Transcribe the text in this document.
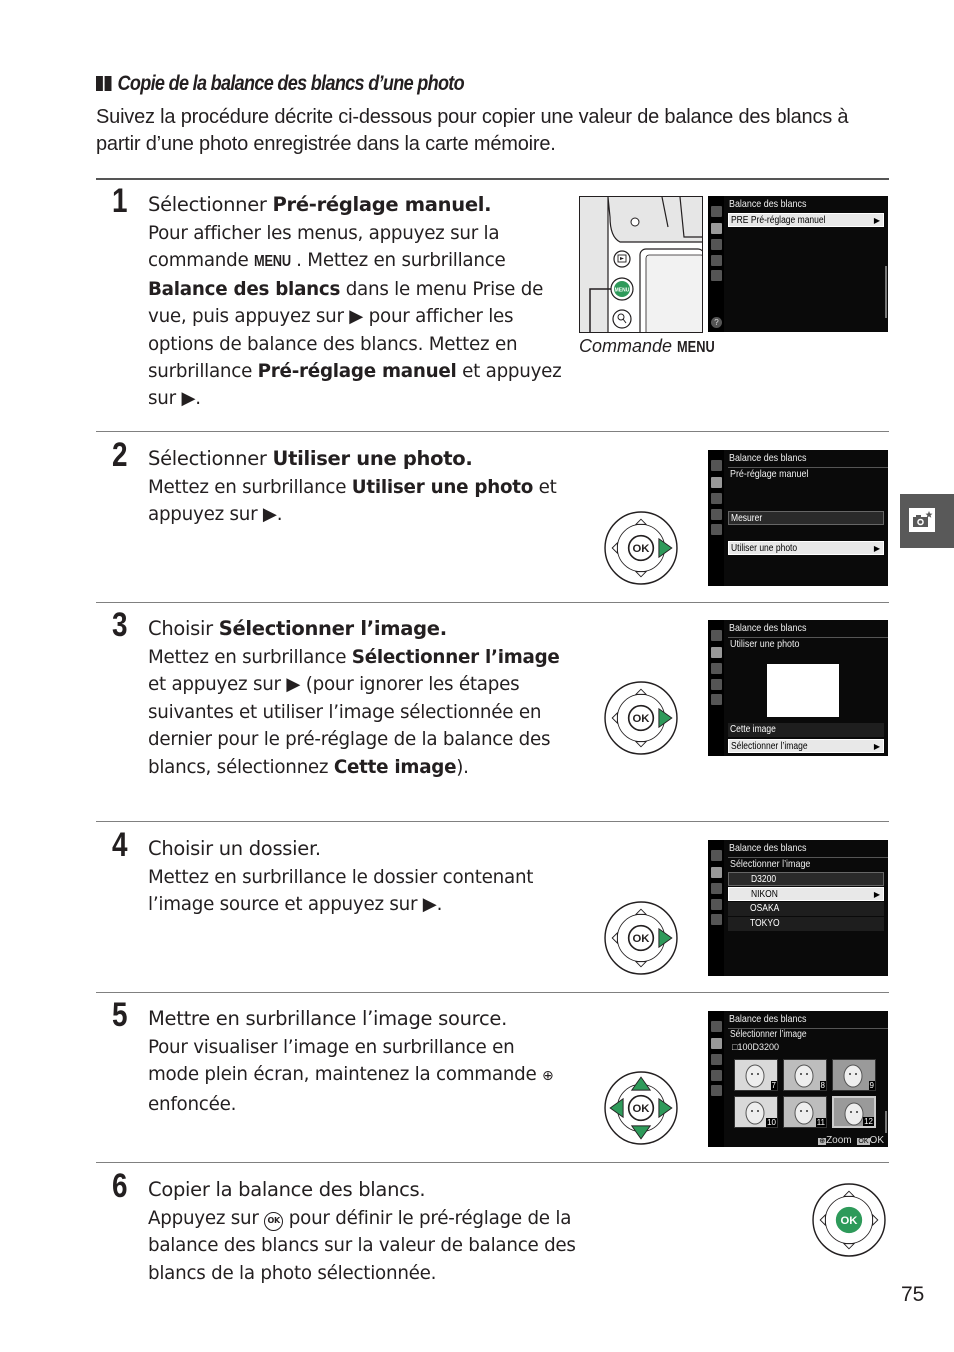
Copie de la balance des blancs d’une photo
Suivez la procédure décrite ci-dessous pour copier une valeur de balance des blancs à partir d’une photo enregistrée dans la carte mémoire.
1 Sélectionner Pré-réglage manuel.
Pour afficher les menus, appuyez sur la commande MENU . Mettez en surbrillance Balance des blancs dans le menu Prise de vue, puis appuyez sur ▶ pour afficher les options de balance des blancs. Mettez en surbrillance Pré-réglage manuel et appuyez sur ▶.
2 Sélectionner Utiliser une photo.
Mettez en surbrillance Utiliser une photo et appuyez sur ▶.
3 Choisir Sélectionner l’image.
Mettez en surbrillance Sélectionner l’image et appuyez sur ▶ (pour ignorer les étapes suivantes et utiliser l’image sélectionnée en dernier pour le pré-réglage de la balance des blancs, sélectionnez Cette image).
4 Choisir un dossier.
Mettez en surbrillance le dossier contenant l’image source et appuyez sur ▶.
5 Mettre en surbrillance l’image source.
Pour visualiser l’image en surbrillance en mode plein écran, maintenez la commande ⊕ enfoncée.
6 Copier la balance des blancs.
Appuyez sur OK pour définir le pré-réglage de la balance des blancs sur la valeur de balance des blancs de la photo sélectionnée.
MENU
Commande MENU
Balance des blancs
PRE Pré-réglage manuel	▶
?
Balance des blancs
Pré-réglage manuel
Mesurer
Utiliser une photo	▶
Balance des blancs
Utiliser une photo
Cette image
Sélectionner l’image	▶
Balance des blancs
Sélectionner l’image
D3200
NIKON	▶
OSAKA
TOKYO
Balance des blancs
Sélectionner l’image
□100D3200
7	8	9
10	11	12
⊕Zoom OKOK
OK
OK
OK
OK
OK
75
